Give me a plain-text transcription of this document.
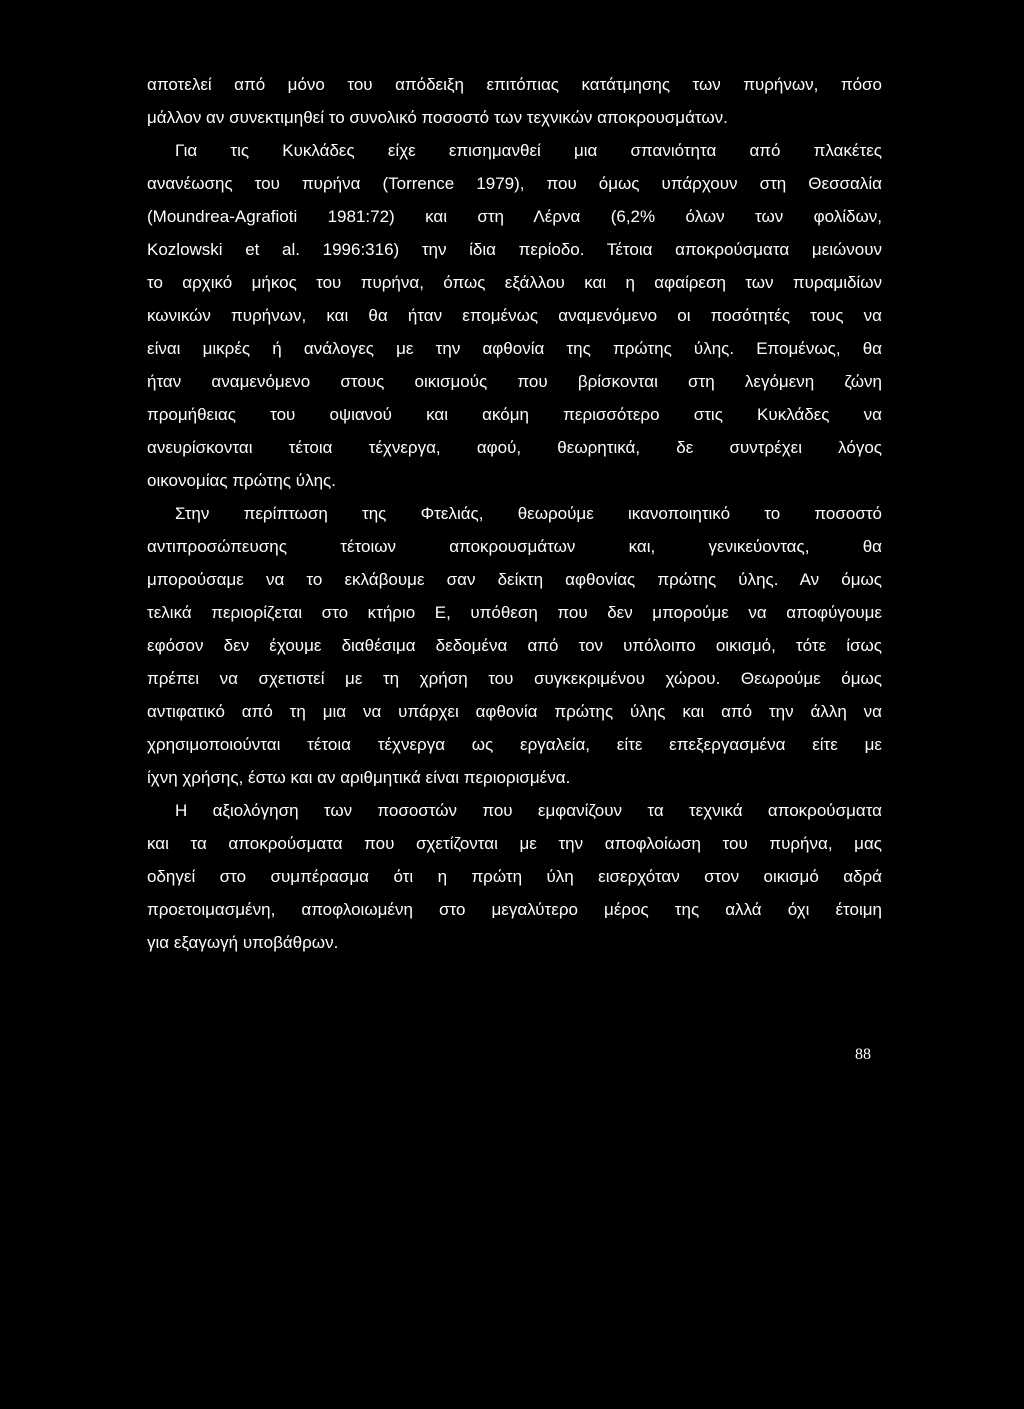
αποτελεί από μόνο του απόδειξη επιτόπιας κατάτμησης των πυρήνων, πόσο
μάλλον αν συνεκτιμηθεί το συνολικό ποσοστό των τεχνικών αποκρουσμάτων.
Για τις Κυκλάδες είχε επισημανθεί μια σπανιότητα από πλακέτες
ανανέωσης του πυρήνα (Torrence 1979), που όμως υπάρχουν στη Θεσσαλία
(Moundrea-Agrafioti 1981:72) και στη Λέρνα (6,2% όλων των φολίδων,
Kozlowski et al. 1996:316) την ίδια περίοδο. Τέτοια αποκρούσματα μειώνουν
το αρχικό μήκος του πυρήνα, όπως εξάλλου και η αφαίρεση των πυραμιδίων
κωνικών πυρήνων, και θα ήταν επομένως αναμενόμενο οι ποσότητές τους να
είναι μικρές ή ανάλογες με την αφθονία της πρώτης ύλης. Επομένως, θα
ήταν αναμενόμενο στους οικισμούς που βρίσκονται στη λεγόμενη ζώνη
προμήθειας του οψιανού και ακόμη περισσότερο στις Κυκλάδες να
ανευρίσκονται τέτοια τέχνεργα, αφού, θεωρητικά, δε συντρέχει λόγος
οικονομίας πρώτης ύλης.
Στην περίπτωση της Φτελιάς, θεωρούμε ικανοποιητικό το ποσοστό
αντιπροσώπευσης τέτοιων αποκρουσμάτων και, γενικεύοντας, θα
μπορούσαμε να το εκλάβουμε σαν δείκτη αφθονίας πρώτης ύλης. Αν όμως
τελικά περιορίζεται στο κτήριο Ε, υπόθεση που δεν μπορούμε να αποφύγουμε
εφόσον δεν έχουμε διαθέσιμα δεδομένα από τον υπόλοιπο οικισμό, τότε ίσως
πρέπει να σχετιστεί με τη χρήση του συγκεκριμένου χώρου. Θεωρούμε όμως
αντιφατικό από τη μια να υπάρχει αφθονία πρώτης ύλης και από την άλλη να
χρησιμοποιούνται τέτοια τέχνεργα ως εργαλεία, είτε επεξεργασμένα είτε με
ίχνη χρήσης, έστω και αν αριθμητικά είναι περιορισμένα.
Η αξιολόγηση των ποσοστών που εμφανίζουν τα τεχνικά αποκρούσματα
και τα αποκρούσματα που σχετίζονται με την αποφλοίωση του πυρήνα, μας
οδηγεί στο συμπέρασμα ότι η πρώτη ύλη εισερχόταν στον οικισμό αδρά
προετοιμασμένη, αποφλοιωμένη στο μεγαλύτερο μέρος της αλλά όχι έτοιμη
για εξαγωγή υποβάθρων.
88
